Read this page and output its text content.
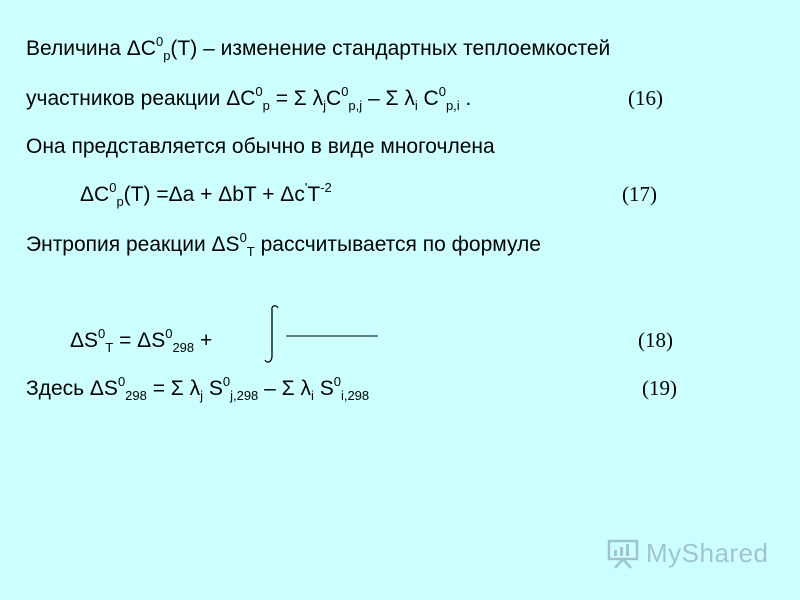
Величина $\Delta C^0_p(T)$ – изменение стандартных теплоемкостей
участников реакции $\Delta C^0_p = \Sigma$ $\lambda_jC^0_{p,j}$ – Σ $\lambda_i$ $C^0_{p,i}$ .	(16)
Она представляется обычно в виде многочлена
$\Delta C^0_p(T) =\Delta a + \Delta bT + \Delta c'T^{-2}$	(17)
Энтропия реакции $\Delta S^0_T$ рассчитывается по формуле
$\Delta S^0_T = \Delta S^0_{298}$ +	(18)
Здесь $\Delta S^0_{298} = \Sigma$ $\lambda_j$ $S^0_{j,298}$ – Σ $\lambda_i$ $S^0_{i,298}$	(19)
MyShared
